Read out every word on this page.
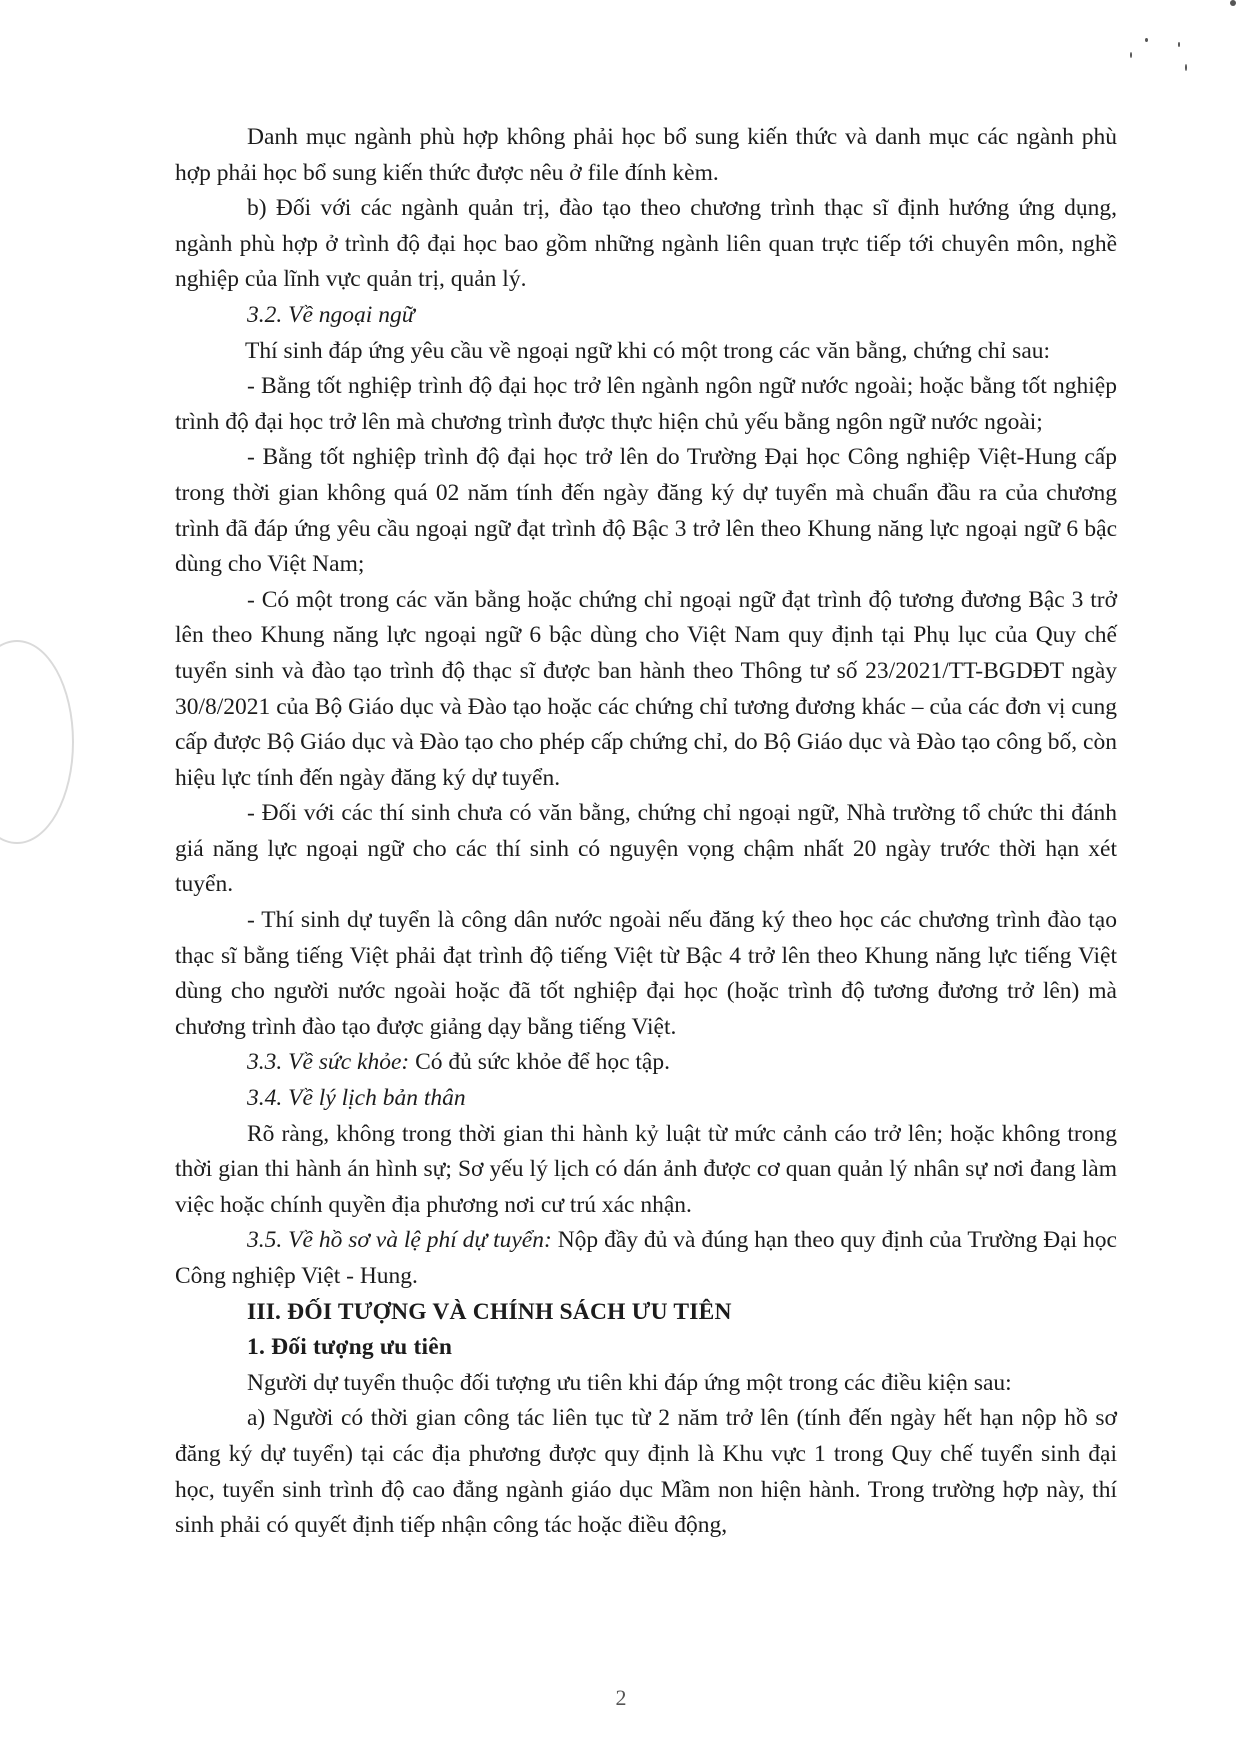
Danh mục ngành phù hợp không phải học bổ sung kiến thức và danh mục các ngành phù hợp phải học bổ sung kiến thức được nêu ở file đính kèm.

b) Đối với các ngành quản trị, đào tạo theo chương trình thạc sĩ định hướng ứng dụng, ngành phù hợp ở trình độ đại học bao gồm những ngành liên quan trực tiếp tới chuyên môn, nghề nghiệp của lĩnh vực quản trị, quản lý.

3.2. Về ngoại ngữ

Thí sinh đáp ứng yêu cầu về ngoại ngữ khi có một trong các văn bằng, chứng chỉ sau:

- Bằng tốt nghiệp trình độ đại học trở lên ngành ngôn ngữ nước ngoài; hoặc bằng tốt nghiệp trình độ đại học trở lên mà chương trình được thực hiện chủ yếu bằng ngôn ngữ nước ngoài;

- Bằng tốt nghiệp trình độ đại học trở lên do Trường Đại học Công nghiệp Việt-Hung cấp trong thời gian không quá 02 năm tính đến ngày đăng ký dự tuyển mà chuẩn đầu ra của chương trình đã đáp ứng yêu cầu ngoại ngữ đạt trình độ Bậc 3 trở lên theo Khung năng lực ngoại ngữ 6 bậc dùng cho Việt Nam;

- Có một trong các văn bằng hoặc chứng chỉ ngoại ngữ đạt trình độ tương đương Bậc 3 trở lên theo Khung năng lực ngoại ngữ 6 bậc dùng cho Việt Nam quy định tại Phụ lục của Quy chế tuyển sinh và đào tạo trình độ thạc sĩ được ban hành theo Thông tư số 23/2021/TT-BGDĐT ngày 30/8/2021 của Bộ Giáo dục và Đào tạo hoặc các chứng chỉ tương đương khác – của các đơn vị cung cấp được Bộ Giáo dục và Đào tạo cho phép cấp chứng chỉ, do Bộ Giáo dục và Đào tạo công bố, còn hiệu lực tính đến ngày đăng ký dự tuyển.

- Đối với các thí sinh chưa có văn bằng, chứng chỉ ngoại ngữ, Nhà trường tổ chức thi đánh giá năng lực ngoại ngữ cho các thí sinh có nguyện vọng chậm nhất 20 ngày trước thời hạn xét tuyển.

- Thí sinh dự tuyển là công dân nước ngoài nếu đăng ký theo học các chương trình đào tạo thạc sĩ bằng tiếng Việt phải đạt trình độ tiếng Việt từ Bậc 4 trở lên theo Khung năng lực tiếng Việt dùng cho người nước ngoài hoặc đã tốt nghiệp đại học (hoặc trình độ tương đương trở lên) mà chương trình đào tạo được giảng dạy bằng tiếng Việt.

3.3. Về sức khỏe: Có đủ sức khỏe để học tập.

3.4. Về lý lịch bản thân

Rõ ràng, không trong thời gian thi hành kỷ luật từ mức cảnh cáo trở lên; hoặc không trong thời gian thi hành án hình sự; Sơ yếu lý lịch có dán ảnh được cơ quan quản lý nhân sự nơi đang làm việc hoặc chính quyền địa phương nơi cư trú xác nhận.

3.5. Về hồ sơ và lệ phí dự tuyển: Nộp đầy đủ và đúng hạn theo quy định của Trường Đại học Công nghiệp Việt - Hung.

III. ĐỐI TƯỢNG VÀ CHÍNH SÁCH ƯU TIÊN

1. Đối tượng ưu tiên

Người dự tuyển thuộc đối tượng ưu tiên khi đáp ứng một trong các điều kiện sau:

a) Người có thời gian công tác liên tục từ 2 năm trở lên (tính đến ngày hết hạn nộp hồ sơ đăng ký dự tuyển) tại các địa phương được quy định là Khu vực 1 trong Quy chế tuyển sinh đại học, tuyển sinh trình độ cao đẳng ngành giáo dục Mầm non hiện hành. Trong trường hợp này, thí sinh phải có quyết định tiếp nhận công tác hoặc điều động,

2
